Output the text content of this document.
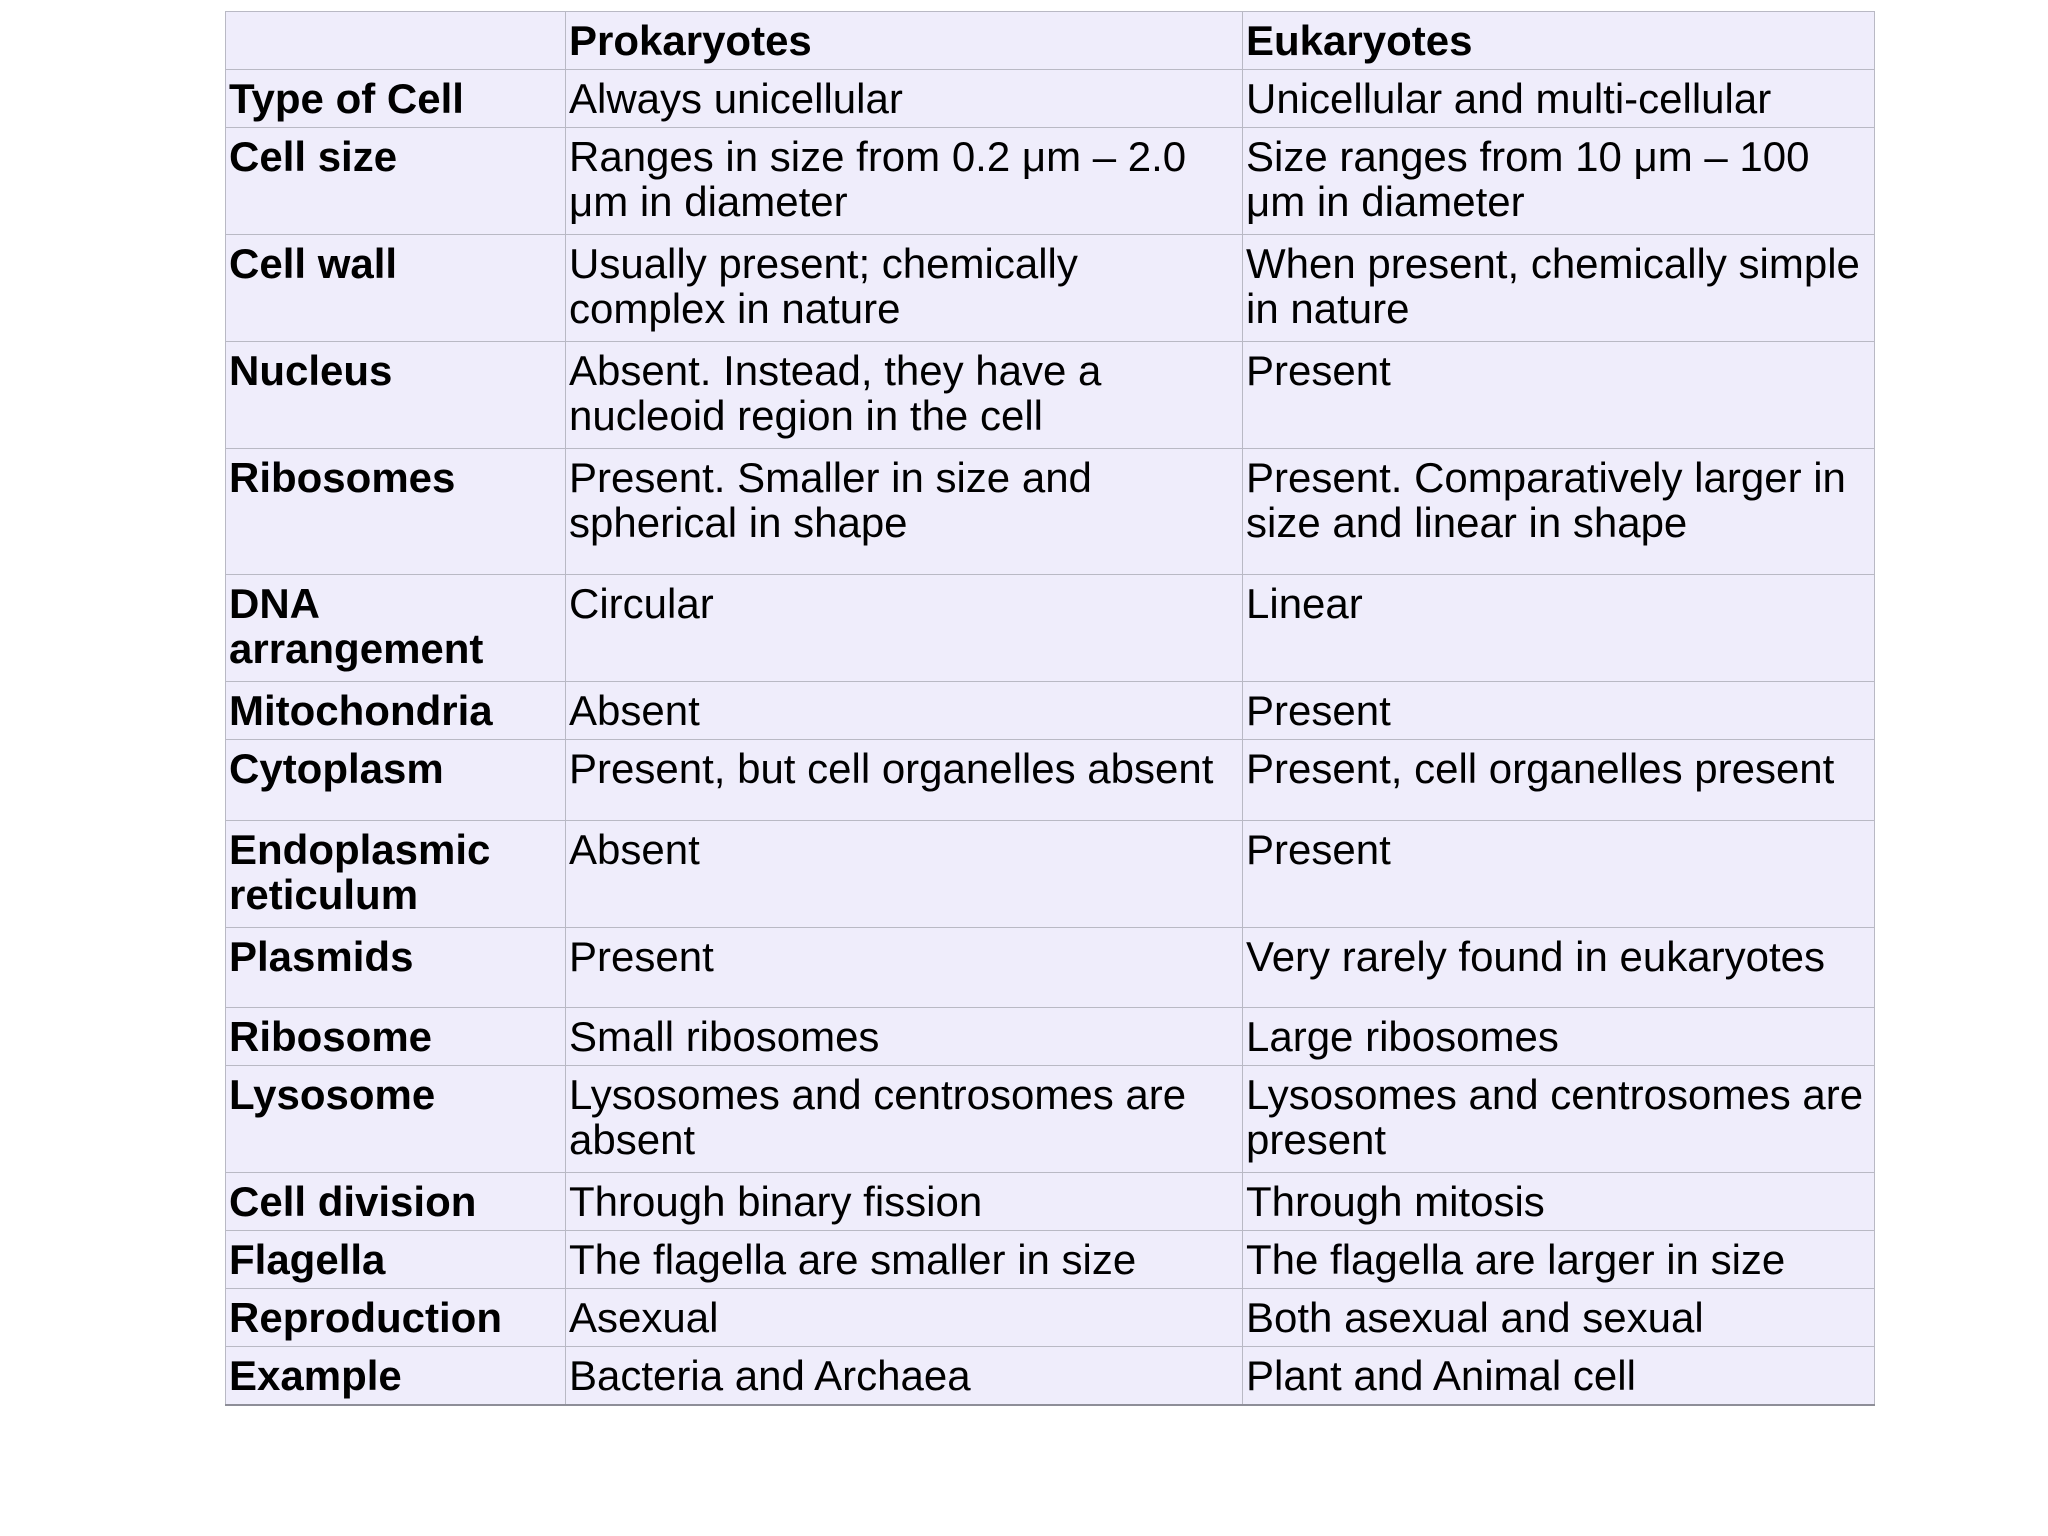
	Prokaryotes	Eukaryotes
Type of Cell	Always unicellular	Unicellular and multi-cellular
Cell size	Ranges in size from 0.2 μm – 2.0 μm in diameter	Size ranges from 10 μm – 100 μm in diameter
Cell wall	Usually present; chemically complex in nature	When present, chemically simple in nature
Nucleus	Absent. Instead, they have a nucleoid region in the cell	Present
Ribosomes	Present. Smaller in size and spherical in shape	Present. Comparatively larger in size and linear in shape
DNA arrangement	Circular	Linear
Mitochondria	Absent	Present
Cytoplasm	Present, but cell organelles absent	Present, cell organelles present
Endoplasmic reticulum	Absent	Present
Plasmids	Present	Very rarely found in eukaryotes
Ribosome	Small ribosomes	Large ribosomes
Lysosome	Lysosomes and centrosomes are absent	Lysosomes and centrosomes are present
Cell division	Through binary fission	Through mitosis
Flagella	The flagella are smaller in size	The flagella are larger in size
Reproduction	Asexual	Both asexual and sexual
Example	Bacteria and Archaea	Plant and Animal cell
